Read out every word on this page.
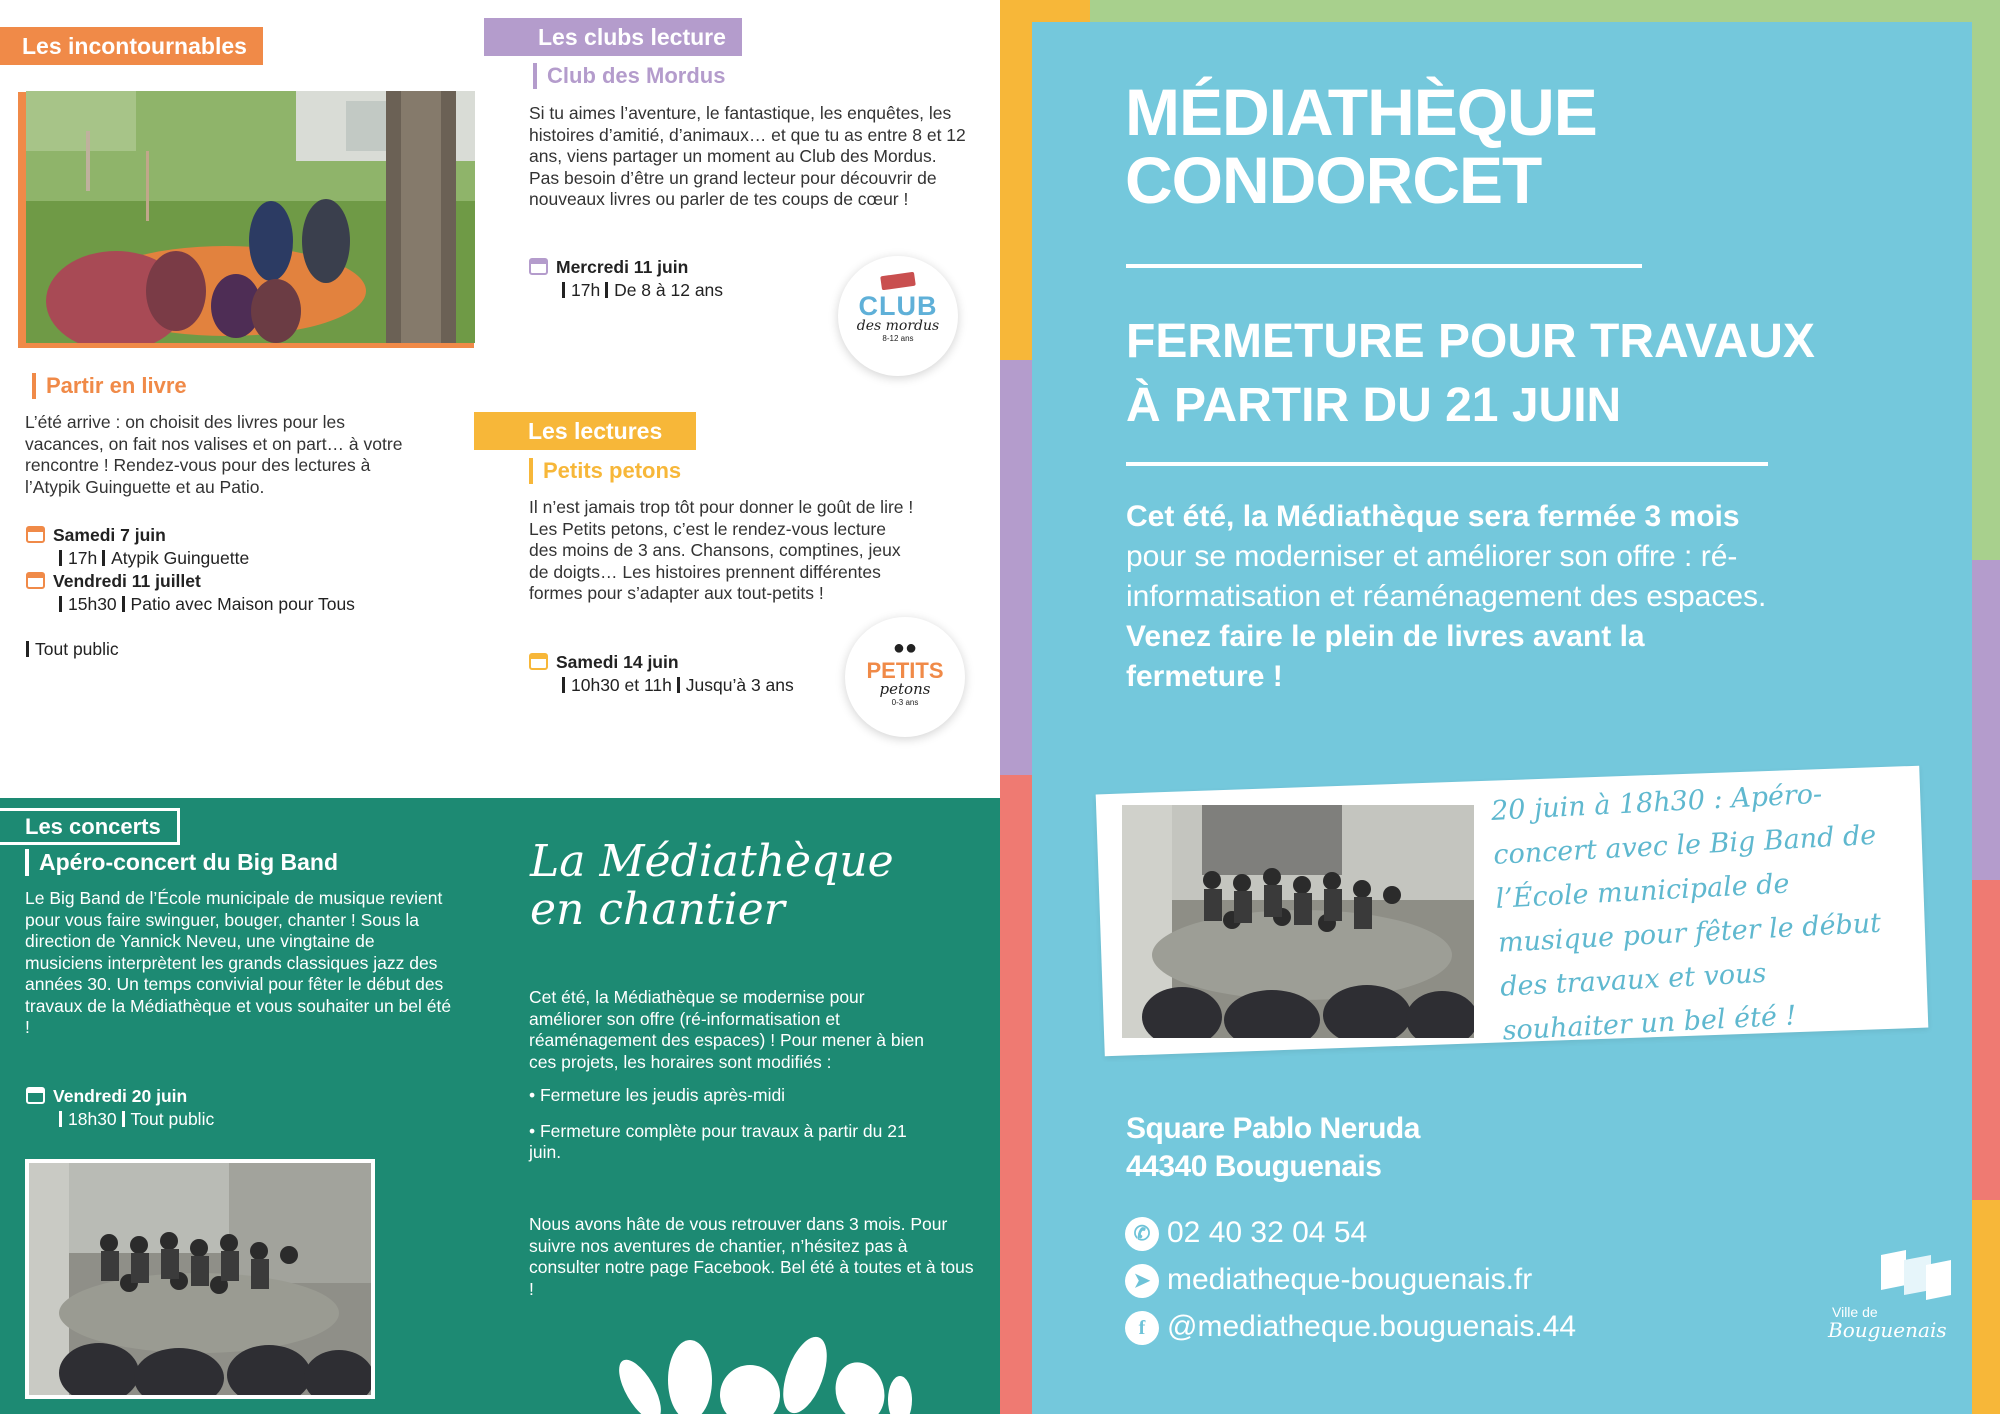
Les incontournables
Partir en livre

L’été arrive : on choisit des livres pour les vacances, on fait nos valises et on part… à votre rencontre ! Rendez-vous pour des lectures à l’Atypik Guinguette et au Patio.

Samedi 7 juin
17h Atypik Guinguette
Vendredi 11 juillet
15h30 Patio avec Maison pour Tous
Tout public
Les clubs lecture
Club des Mordus

Si tu aimes l’aventure, le fantastique, les enquêtes, les histoires d’amitié, d’animaux… et que tu as entre 8 et 12 ans, viens partager un moment au Club des Mordus. Pas besoin d’être un grand lecteur pour découvrir de nouveaux livres ou parler de tes coups de cœur !

Mercredi 11 juin
17h De 8 à 12 ans
CLUB
des mordus
8-12 ans
Les lectures
Petits petons

Il n’est jamais trop tôt pour donner le goût de lire ! Les Petits petons, c’est le rendez-vous lecture des moins de 3 ans. Chansons, comptines, jeux de doigts… Les histoires prennent différentes formes pour s’adapter aux tout-petits !

Samedi 14 juin
10h30 et 11h Jusqu’à 3 ans
●●
PETITS
petons
0-3 ans
Les concerts
Apéro-concert du Big Band

Le Big Band de l’École municipale de musique revient pour vous faire swinguer, bouger, chanter ! Sous la direction de Yannick Neveu, une vingtaine de musiciens interprètent les grands classiques jazz des années 30. Un temps convivial pour fêter le début des travaux de la Médiathèque et vous souhaiter un bel été !

Vendredi 20 juin
18h30 Tout public
La Médiathèque
en chantier

Cet été, la Médiathèque se modernise pour améliorer son offre (ré-informatisation et réaménagement des espaces) ! Pour mener à bien ces projets, les horaires sont modifiés :

• Fermeture les jeudis après-midi
• Fermeture complète pour travaux à partir du 21 juin.

Nous avons hâte de vous retrouver dans 3 mois. Pour suivre nos aventures de chantier, n’hésitez pas à consulter notre page Facebook. Bel été à toutes et à tous !

MÉDIATHÈQUE
CONDORCET
FERMETURE POUR TRAVAUX
À PARTIR DU 21 JUIN
Cet été, la Médiathèque sera fermée 3 mois
pour se moderniser et améliorer son offre : ré-informatisation et réaménagement des espaces.
Venez faire le plein de livres avant la fermeture !
20 juin à 18h30 : Apéro-concert avec le Big Band de l’École municipale de musique pour fêter le début des travaux et vous souhaiter un bel été !
Square Pablo Neruda
44340 Bouguenais
✆ 02 40 32 04 54
➤ mediatheque-bouguenais.fr
f @mediatheque.bouguenais.44	Ville de
Bouguenais
